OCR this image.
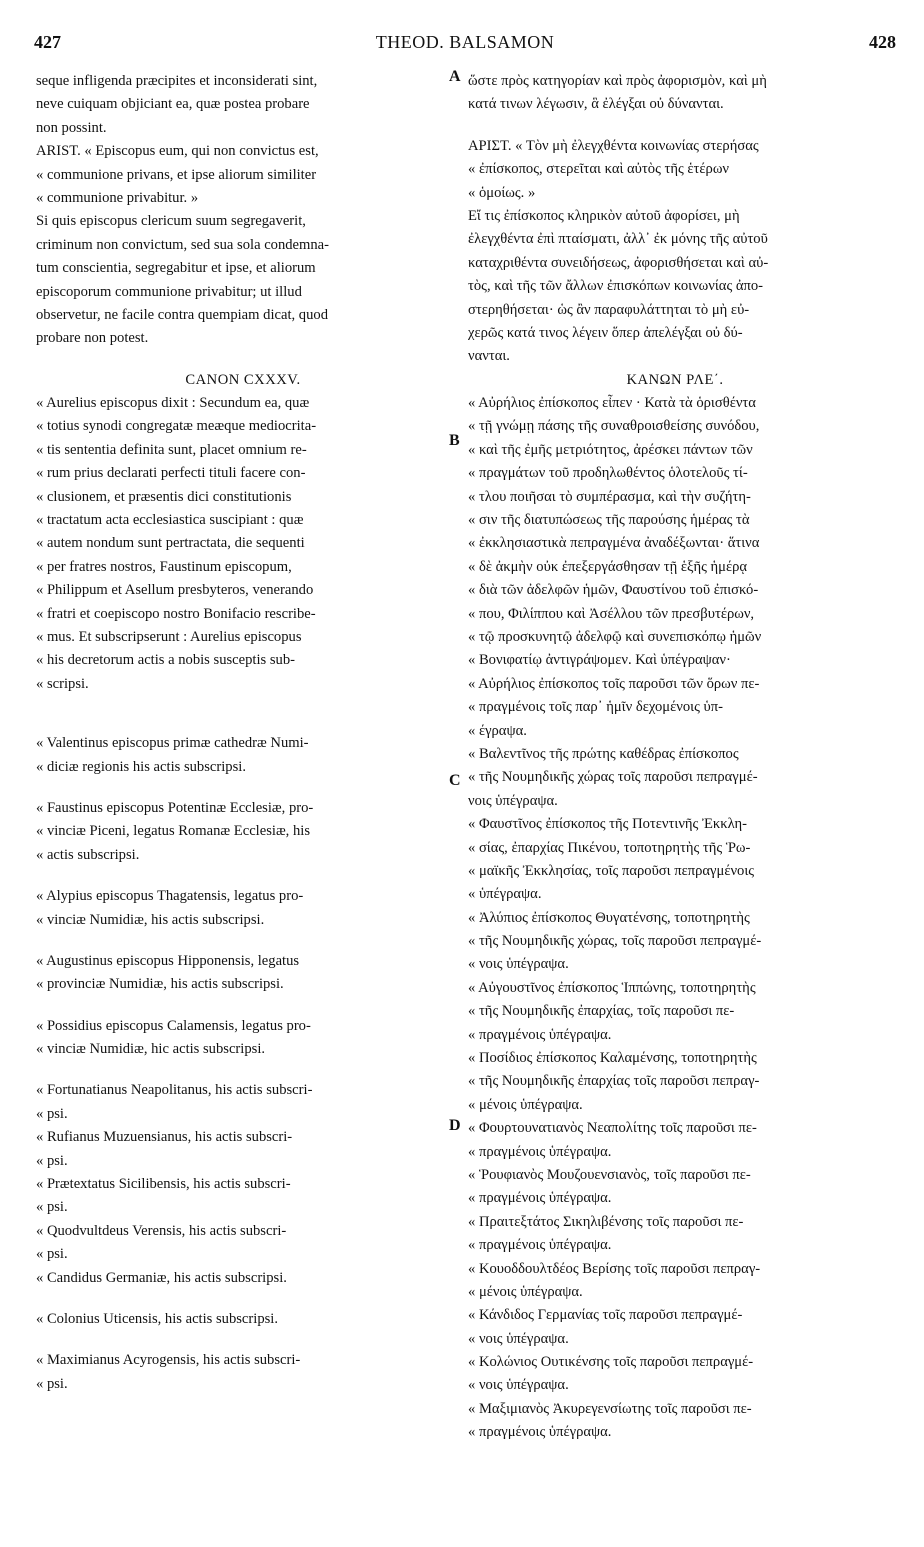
427	THEOD. BALSAMON	428
A
B
C
D
seque infligenda præcipites et inconsiderati sint,
neve cuiquam objiciant ea, quæ postea probare
non possint.
ARIST. « Episcopus eum, qui non convictus est,
« communione privans, et ipse aliorum similiter
« communione privabitur. »
Si quis episcopus clericum suum segregaverit,
criminum non convictum, sed sua sola condemna-
tum conscientia, segregabitur et ipse, et aliorum
episcoporum communione privabitur; ut illud
observetur, ne facile contra quempiam dicat, quod
probare non potest.
CANON CXXXV.
« Aurelius episcopus dixit : Secundum ea, quæ
« totius synodi congregatæ meæque mediocrita-
« tis sententia definita sunt, placet omnium re-
« rum prius declarati perfecti tituli facere con-
« clusionem, et præsentis dici constitutionis
« tractatum acta ecclesiastica suscipiant : quæ
« autem nondum sunt pertractata, die sequenti
« per fratres nostros, Faustinum episcopum,
« Philippum et Asellum presbyteros, venerando
« fratri et coepiscopo nostro Bonifacio rescribe-
« mus. Et subscripserunt : Aurelius episcopus
« his decretorum actis a nobis susceptis sub-
« scripsi.
« Valentinus episcopus primæ cathedræ Numi-
« diciæ regionis his actis subscripsi.
« Faustinus episcopus Potentinæ Ecclesiæ, pro-
« vinciæ Piceni, legatus Romanæ Ecclesiæ, his
« actis subscripsi.
« Alypius episcopus Thagatensis, legatus pro-
« vinciæ Numidiæ, his actis subscripsi.
« Augustinus episcopus Hipponensis, legatus
« provinciæ Numidiæ, his actis subscripsi.
« Possidius episcopus Calamensis, legatus pro-
« vinciæ Numidiæ, hic actis subscripsi.
« Fortunatianus Neapolitanus, his actis subscri-
« psi.
« Rufianus Muzuensianus, his actis subscri-
« psi.
« Prætextatus Sicilibensis, his actis subscri-
« psi.
« Quodvultdeus Verensis, his actis subscri-
« psi.
« Candidus Germaniæ, his actis subscripsi.
« Colonius Uticensis, his actis subscripsi.
« Maximianus Acyrogensis, his actis subscri-
« psi.
ὥστε πρὸς κατηγορίαν καὶ πρὸς ἀφορισμὸν, καὶ μὴ
κατά τινων λέγωσιν, ἃ ἐλέγξαι οὐ δύνανται.
ΑΡΙΣΤ. « Τὸν μὴ ἐλεγχθέντα κοινωνίας στερήσας
« ἐπίσκοπος, στερεῖται καὶ αὐτὸς τῆς ἑτέρων
« ὁμοίως. »
Εἴ τις ἐπίσκοπος κληρικὸν αὐτοῦ ἀφορίσει, μὴ
ἐλεγχθέντα ἐπὶ πταίσματι, ἀλλ᾽ ἐκ μόνης τῆς αὐτοῦ
καταχριθέντα συνειδήσεως, ἀφορισθήσεται καὶ αὐ-
τὸς, καὶ τῆς τῶν ἄλλων ἐπισκόπων κοινωνίας ἀπο-
στερηθήσεται· ὡς ἂν παραφυλάττηται τὸ μὴ εὐ-
χερῶς κατά τινος λέγειν ὅπερ ἀπελέγξαι οὐ δύ-
νανται.
ΚΑΝΩΝ ΡΛΕ΄.
« Αὐρήλιος ἐπίσκοπος εἶπεν · Κατὰ τὰ ὁρισθέντα
« τῇ γνώμῃ πάσης τῆς συναθροισθείσης συνόδου,
« καὶ τῆς ἐμῆς μετριότητος, ἀρέσκει πάντων τῶν
« πραγμάτων τοῦ προδηλωθέντος ὁλοτελοῦς τί-
« τλου ποιῆσαι τὸ συμπέρασμα, καὶ τὴν συζήτη-
« σιν τῆς διατυπώσεως τῆς παρούσης ἡμέρας τὰ
« ἐκκλησιαστικὰ πεπραγμένα ἀναδέξωνται· ἅτινα
« δὲ ἀκμὴν οὐκ ἐπεξεργάσθησαν τῇ ἑξῆς ἡμέρᾳ
« διὰ τῶν ἀδελφῶν ἡμῶν, Φαυστίνου τοῦ ἐπισκό-
« που, Φιλίππου καὶ Ἀσέλλου τῶν πρεσβυτέρων,
« τῷ προσκυνητῷ ἀδελφῷ καὶ συνεπισκόπῳ ἡμῶν
« Βονιφατίῳ ἀντιγράψομεν. Καὶ ὑπέγραψαν·
« Αὐρήλιος ἐπίσκοπος τοῖς παροῦσι τῶν ὅρων πε-
« πραγμένοις τοῖς παρ᾽ ἡμῖν δεχομένοις ὑπ-
« έγραψα.
« Βαλεντῖνος τῆς πρώτης καθέδρας ἐπίσκοπος
« τῆς Νουμηδικῆς χώρας τοῖς παροῦσι πεπραγμέ-
νοις ὑπέγραψα.
« Φαυστῖνος ἐπίσκοπος τῆς Ποτεντινῆς Ἐκκλη-
« σίας, ἐπαρχίας Πικένου, τοποτηρητὴς τῆς Ῥω-
« μαϊκῆς Ἐκκλησίας, τοῖς παροῦσι πεπραγμένοις
« ὑπέγραψα.
« Ἀλύπιος ἐπίσκοπος Θυγατένσης, τοποτηρητὴς
« τῆς Νουμηδικῆς χώρας, τοῖς παροῦσι πεπραγμέ-
« νοις ὑπέγραψα.
« Αὐγουστῖνος ἐπίσκοπος Ἱππώνης, τοποτηρητὴς
« τῆς Νουμηδικῆς ἐπαρχίας, τοῖς παροῦσι πε-
« πραγμένοις ὑπέγραψα.
« Ποσίδιος ἐπίσκοπος Καλαμένσης, τοποτηρητὴς
« τῆς Νουμηδικῆς ἐπαρχίας τοῖς παροῦσι πεπραγ-
« μένοις ὑπέγραψα.
« Φουρτουνατιανὸς Νεαπολίτης τοῖς παροῦσι πε-
« πραγμένοις ὑπέγραψα.
« Ῥουφιανὸς Μουζουενσιανὸς, τοῖς παροῦσι πε-
« πραγμένοις ὑπέγραψα.
« Πραιτεξτάτος Σικηλιβένσης τοῖς παροῦσι πε-
« πραγμένοις ὑπέγραψα.
« Κουοδδουλτδέος Βερίσης τοῖς παροῦσι πεπραγ-
« μένοις ὑπέγραψα.
« Κάνδιδος Γερμανίας τοῖς παροῦσι πεπραγμέ-
« νοις ὑπέγραψα.
« Κολώνιος Ουτικένσης τοῖς παροῦσι πεπραγμέ-
« νοις ὑπέγραψα.
« Μαξιμιανὸς Ἀκυρεγενσίωτης τοῖς παροῦσι πε-
« πραγμένοις ὑπέγραψα.
